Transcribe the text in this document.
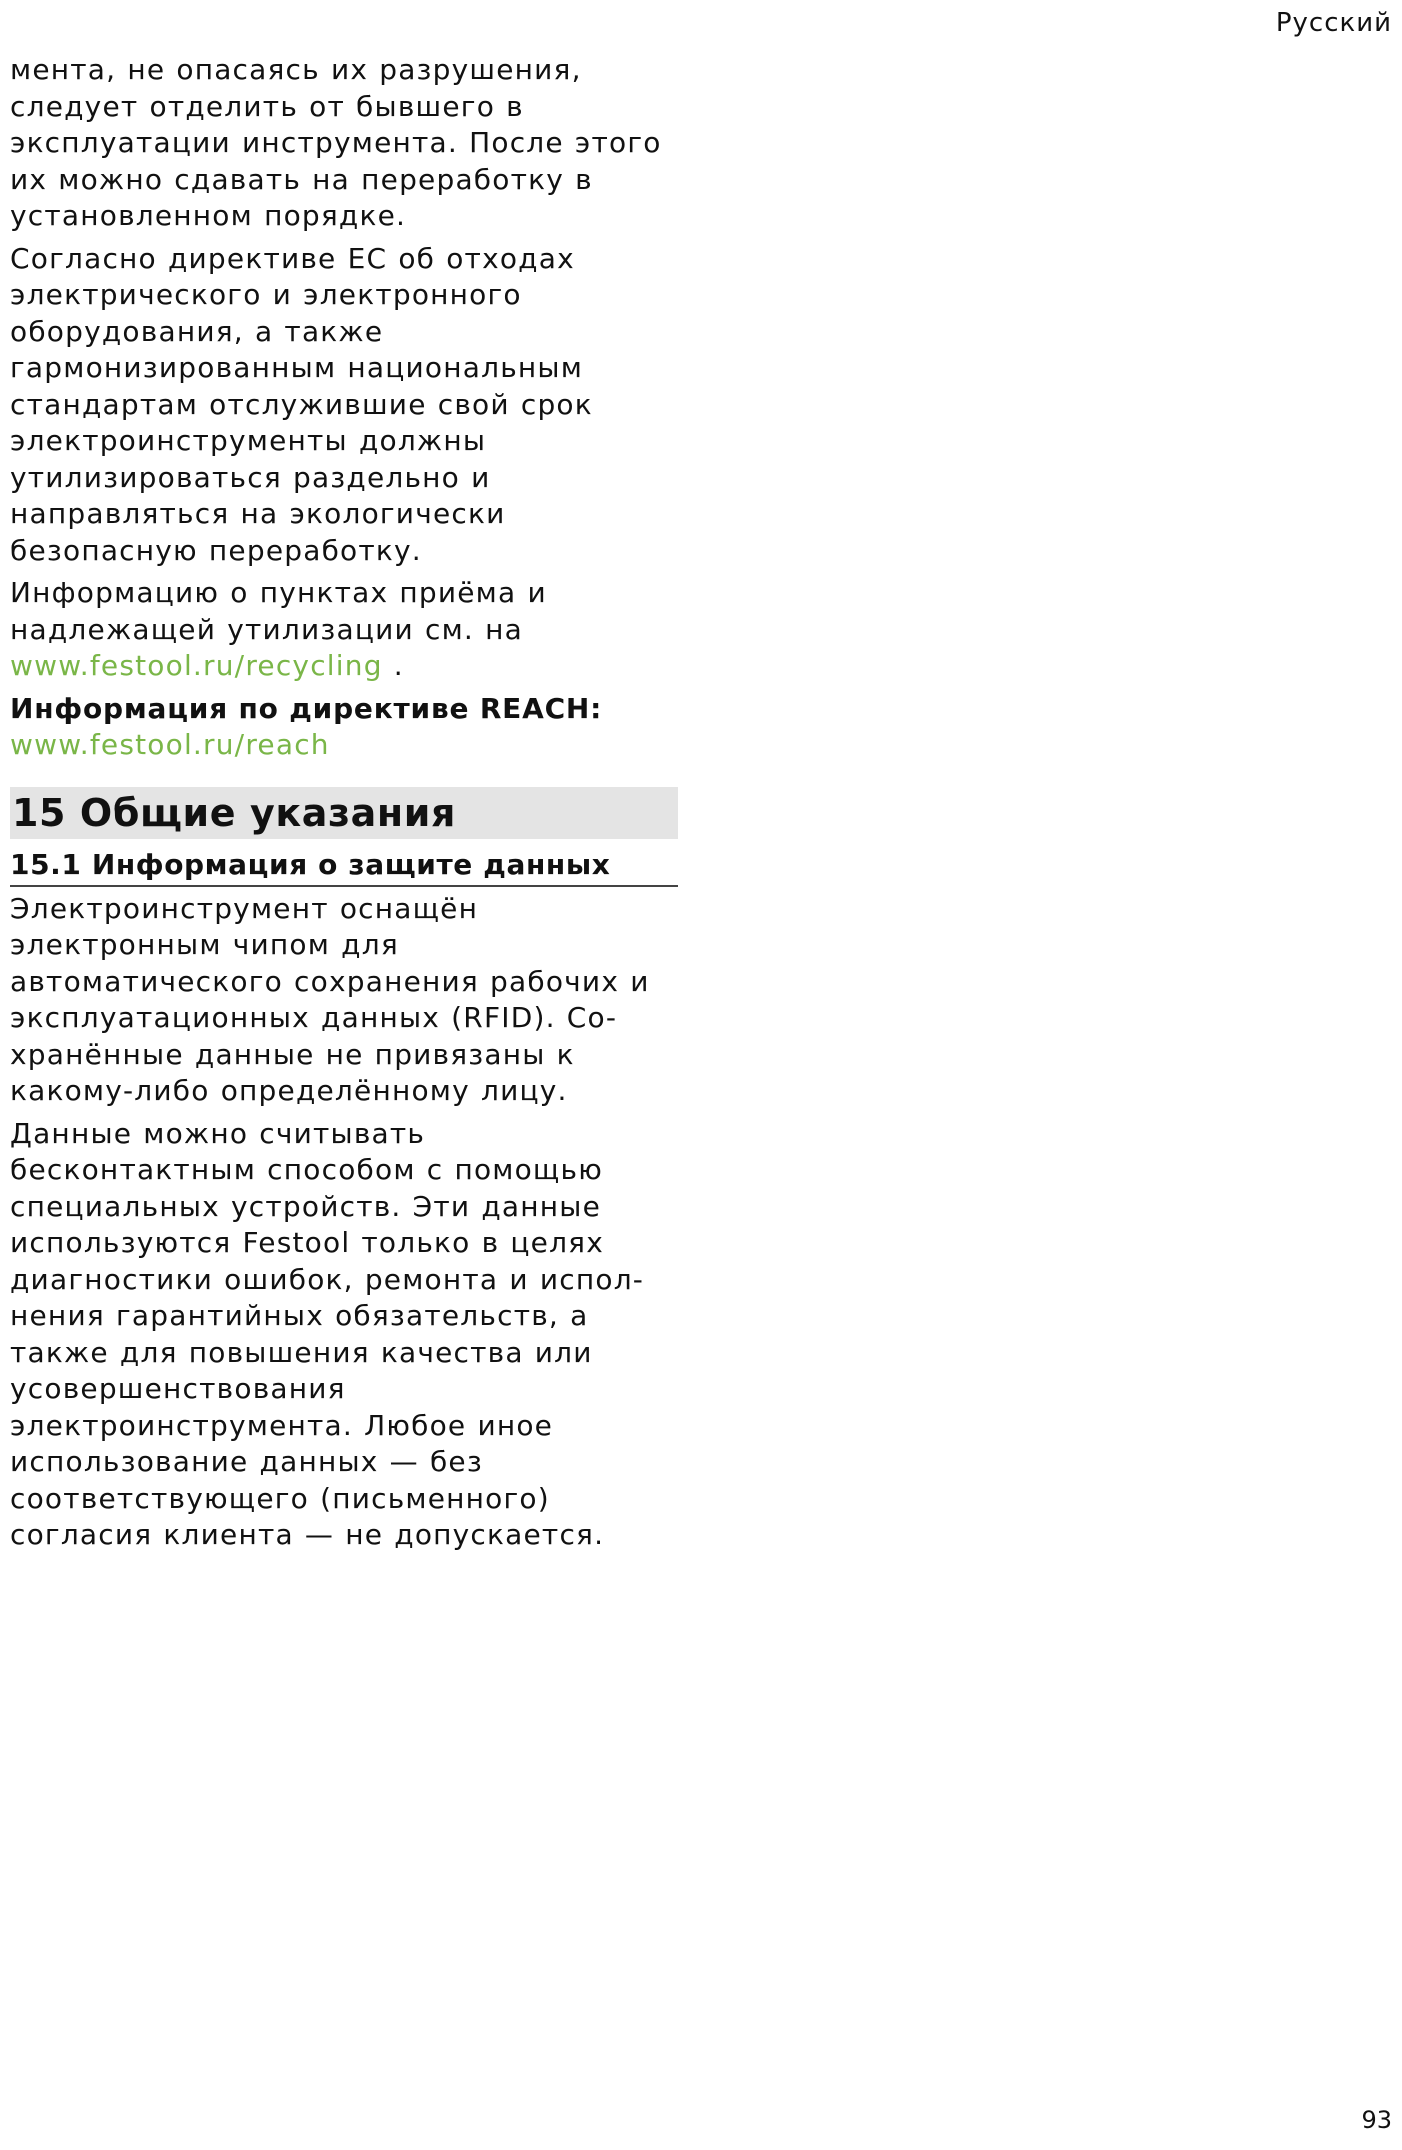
Русский

мента, не опасаясь их разрушения, следует отделить от бывшего в эксплуатации инструмента. После этого их можно сдавать на переработку в установленном порядке.

Согласно директиве ЕС об отходах электрического и электронного оборудования, а также гармонизированным национальным стандартам отслужившие свой срок электроинструменты должны утилизироваться раздельно и направляться на экологически безопасную переработку.

Информацию о пунктах приёма и надлежащей утилизации см. на www.festool.ru/recycling .

Информация по директиве REACH:
www.festool.ru/reach
15 Общие указания
15.1 Информация о защите данных

Электроинструмент оснащён электронным чипом для автоматического сохранения рабочих и эксплуатационных данных (RFID). Сохранённые данные не привязаны к какому-либо определённому лицу.

Данные можно считывать бесконтактным способом с помощью специальных устройств. Эти данные используются Festool только в целях диагностики ошибок, ремонта и исполнения гарантийных обязательств, а также для повышения качества или усовершенствования электроинструмента. Любое иное использование данных — без соответствующего (письменного) согласия клиента — не допускается.

93
